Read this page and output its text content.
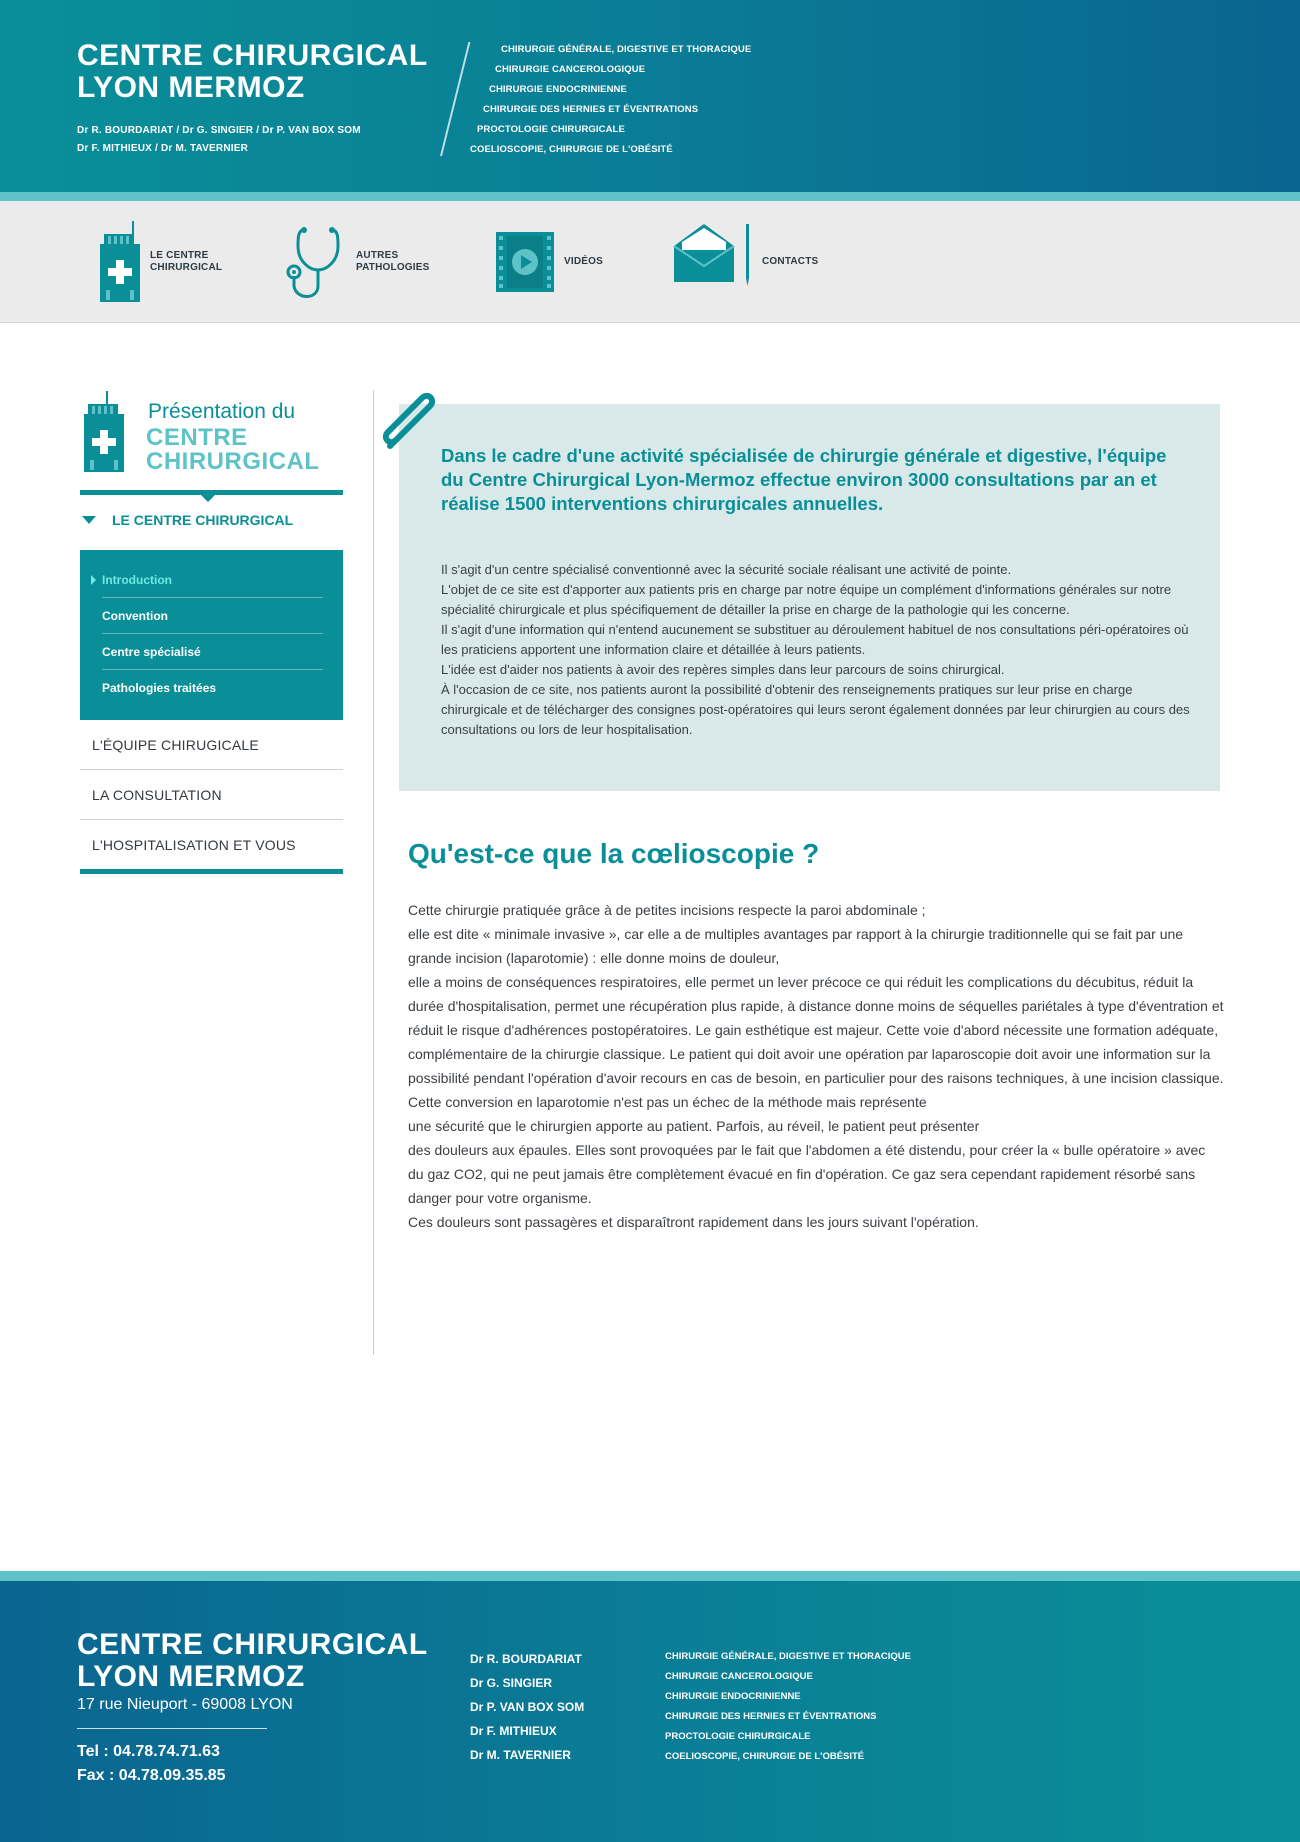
CENTRE CHIRURGICAL
LYON MERMOZ
Dr R. BOURDARIAT / Dr G. SINGIER / Dr P. VAN BOX SOM
Dr F. MITHIEUX / Dr M. TAVERNIER
CHIRURGIE GÉNÉRALE, DIGESTIVE ET THORACIQUE
CHIRURGIE CANCEROLOGIQUE
CHIRURGIE ENDOCRINIENNE
CHIRURGIE DES HERNIES ET ÉVENTRATIONS
PROCTOLOGIE CHIRURGICALE
COELIOSCOPIE, CHIRURGIE DE L'OBÉSITÉ
LE CENTRE
CHIRURGICAL
AUTRES
PATHOLOGIES
VIDÉOS	CONTACTS
Présentation du
CENTRE
CHIRURGICAL
LE CENTRE CHIRURGICAL
Introduction
Convention
Centre spécialisé
Pathologies traitées
L'ÉQUIPE CHIRUGICALE
LA CONSULTATION
L'HOSPITALISATION ET VOUS
Dans le cadre d'une activité spécialisée de chirurgie générale et digestive, l'équipe du Centre Chirurgical Lyon-Mermoz effectue environ 3000 consultations par an et réalise 1500 interventions chirurgicales annuelles.

Il s'agit d'un centre spécialisé conventionné avec la sécurité sociale réalisant une activité de pointe.

L'objet de ce site est d'apporter aux patients pris en charge par notre équipe un complément d'informations générales sur notre spécialité chirurgicale et plus spécifiquement de détailler la prise en charge de la pathologie qui les concerne.

Il s'agit d'une information qui n'entend aucunement se substituer au déroulement habituel de nos consultations péri-opératoires où les praticiens apportent une information claire et détaillée à leurs patients.

L'idée est d'aider nos patients à avoir des repères simples dans leur parcours de soins chirurgical.

À l'occasion de ce site, nos patients auront la possibilité d'obtenir des renseignements pratiques sur leur prise en charge chirurgicale et de télécharger des consignes post-opératoires qui leurs seront également données par leur chirurgien au cours des consultations ou lors de leur hospitalisation.

Qu'est-ce que la cœlioscopie ?

Cette chirurgie pratiquée grâce à de petites incisions respecte la paroi abdominale ;

elle est dite « minimale invasive », car elle a de multiples avantages par rapport à la chirurgie traditionnelle qui se fait par une grande incision (laparotomie) : elle donne moins de douleur,

elle a moins de conséquences respiratoires, elle permet un lever précoce ce qui réduit les complications du décubitus, réduit la durée d'hospitalisation, permet une récupération plus rapide, à distance donne moins de séquelles pariétales à type d'éventration et réduit le risque d'adhérences postopératoires. Le gain esthétique est majeur. Cette voie d'abord nécessite une formation adéquate, complémentaire de la chirurgie classique. Le patient qui doit avoir une opération par laparoscopie doit avoir une information sur la possibilité pendant l'opération d'avoir recours en cas de besoin, en particulier pour des raisons techniques, à une incision classique. Cette conversion en laparotomie n'est pas un échec de la méthode mais représente

une sécurité que le chirurgien apporte au patient. Parfois, au réveil, le patient peut présenter

des douleurs aux épaules. Elles sont provoquées par le fait que l'abdomen a été distendu, pour créer la « bulle opératoire » avec du gaz CO2, qui ne peut jamais être complètement évacué en fin d'opération. Ce gaz sera cependant rapidement résorbé sans danger pour votre organisme.

Ces douleurs sont passagères et disparaîtront rapidement dans les jours suivant l'opération.

CENTRE CHIRURGICAL
LYON MERMOZ
17 rue Nieuport - 69008 LYON
Tel : 04.78.74.71.63
Fax : 04.78.09.35.85
Dr R. BOURDARIAT
Dr G. SINGIER
Dr P. VAN BOX SOM
Dr F. MITHIEUX
Dr M. TAVERNIER
CHIRURGIE GÉNÉRALE, DIGESTIVE ET THORACIQUE
CHIRURGIE CANCEROLOGIQUE
CHIRURGIE ENDOCRINIENNE
CHIRURGIE DES HERNIES ET ÉVENTRATIONS
PROCTOLOGIE CHIRURGICALE
COELIOSCOPIE, CHIRURGIE DE L'OBÉSITÉ
